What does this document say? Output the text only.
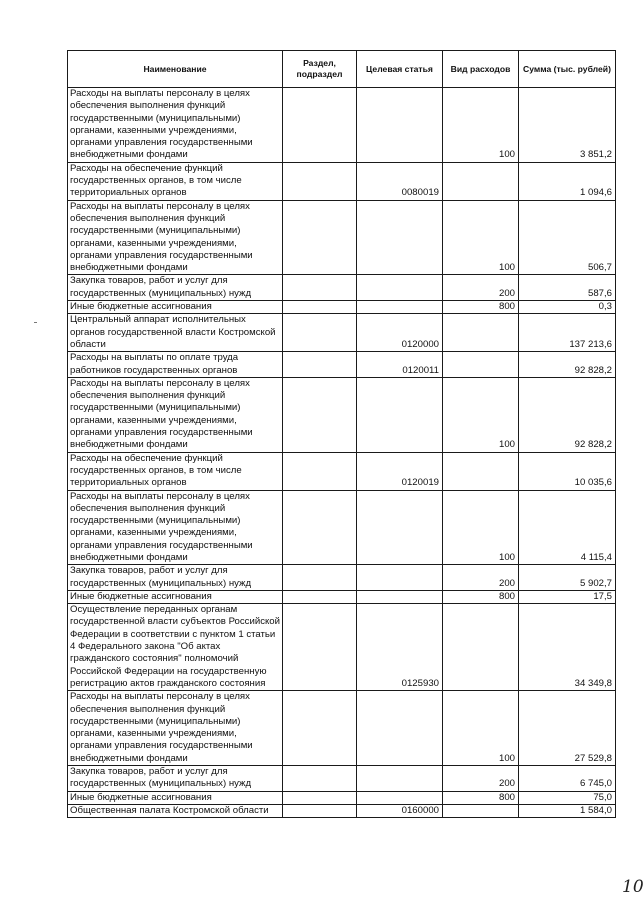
Наименование	Раздел, подраздел	Целевая статья	Вид расходов	Сумма (тыс. рублей)
Расходы на выплаты персоналу в целях обеспечения выполнения функций государственными (муниципальными) органами, казенными учреждениями, органами управления государственными внебюджетными фондами			100	3 851,2
Расходы на обеспечение функций государственных органов, в том числе территориальных органов		0080019		1 094,6
Расходы на выплаты персоналу в целях обеспечения выполнения функций государственными (муниципальными) органами, казенными учреждениями, органами управления государственными внебюджетными фондами			100	506,7
Закупка товаров, работ и услуг для государственных (муниципальных) нужд			200	587,6
Иные бюджетные ассигнования			800	0,3
Центральный аппарат исполнительных органов государственной власти Костромской области		0120000		137 213,6
Расходы на выплаты по оплате труда работников государственных органов		0120011		92 828,2
Расходы на выплаты персоналу в целях обеспечения выполнения функций государственными (муниципальными) органами, казенными учреждениями, органами управления государственными внебюджетными фондами			100	92 828,2
Расходы на обеспечение функций государственных органов, в том числе территориальных органов		0120019		10 035,6
Расходы на выплаты персоналу в целях обеспечения выполнения функций государственными (муниципальными) органами, казенными учреждениями, органами управления государственными внебюджетными фондами			100	4 115,4
Закупка товаров, работ и услуг для государственных (муниципальных) нужд			200	5 902,7
Иные бюджетные ассигнования			800	17,5
Осуществление переданных органам государственной власти субъектов Российской Федерации в соответствии с пунктом 1 статьи 4 Федерального закона "Об актах гражданского состояния" полномочий Российской Федерации на государственную регистрацию актов гражданского состояния		0125930		34 349,8
Расходы на выплаты персоналу в целях обеспечения выполнения функций государственными (муниципальными) органами, казенными учреждениями, органами управления государственными внебюджетными фондами			100	27 529,8
Закупка товаров, работ и услуг для государственных (муниципальных) нужд			200	6 745,0
Иные бюджетные ассигнования			800	75,0
Общественная палата Костромской области		0160000		1 584,0
10
